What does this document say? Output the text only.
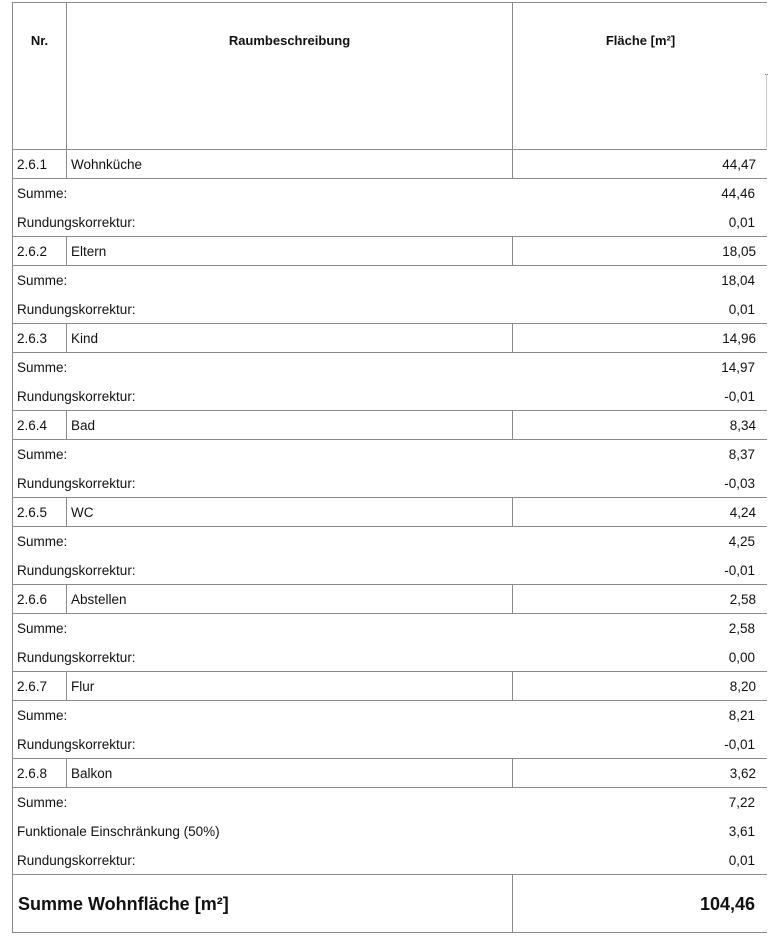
Nr.	Raumbeschreibung	Fläche [m²]
2.6.1 Wohnküche	44,47
Summe:	44,46
Rundungskorrektur:	0,01
2.6.2 Eltern	18,05
Summe:	18,04
Rundungskorrektur:	0,01
2.6.3 Kind	14,96
Summe:	14,97
Rundungskorrektur:	-0,01
2.6.4 Bad	8,34
Summe:	8,37
Rundungskorrektur:	-0,03
2.6.5 WC	4,24
Summe:	4,25
Rundungskorrektur:	-0,01
2.6.6 Abstellen	2,58
Summe:	2,58
Rundungskorrektur:	0,00
2.6.7 Flur	8,20
Summe:	8,21
Rundungskorrektur:	-0,01
2.6.8 Balkon	3,62
Summe:	7,22
Funktionale Einschränkung (50%)	3,61
Rundungskorrektur:	0,01
Summe Wohnfläche [m²]	104,46
